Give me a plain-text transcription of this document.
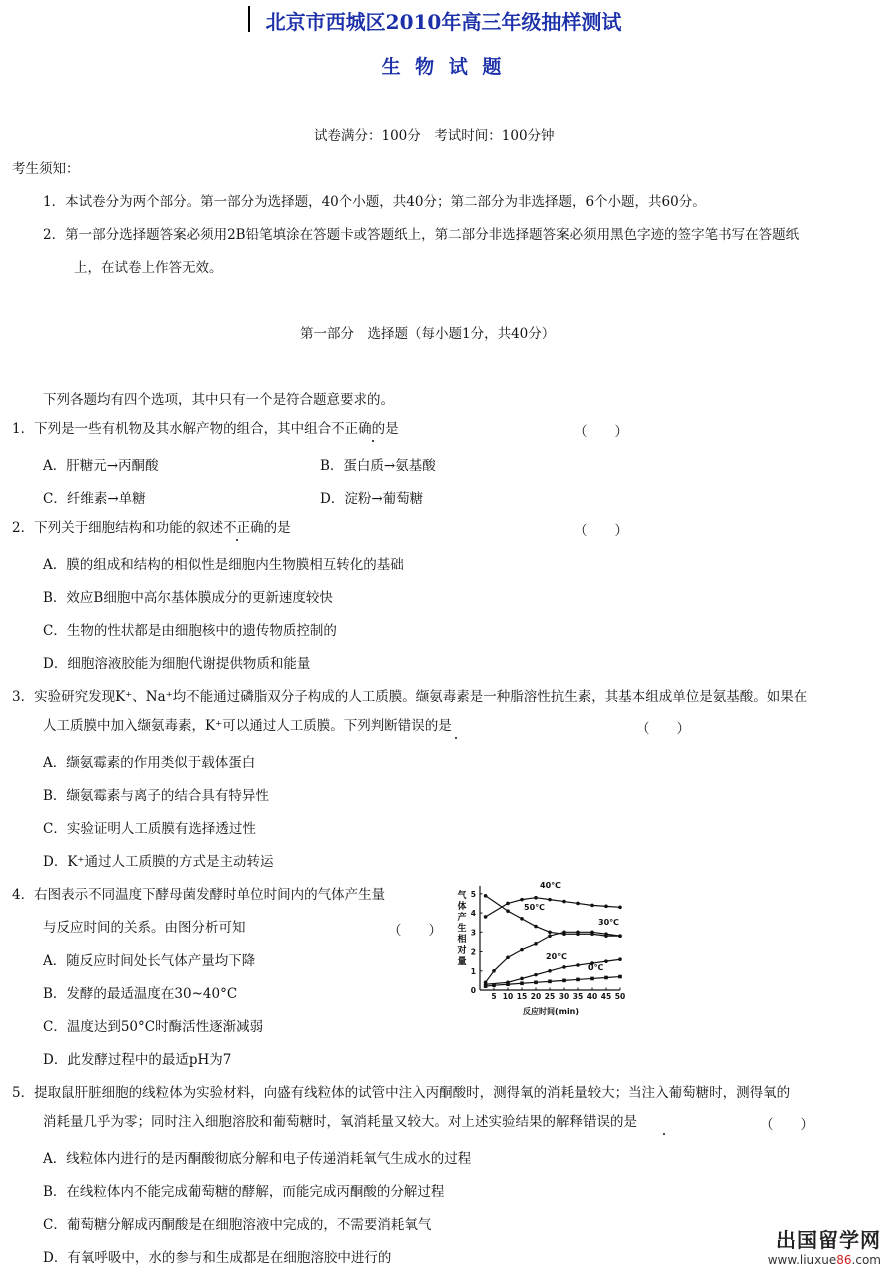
北京市西城区2010年高三年级抽样测试
生 物 试 题
试卷满分：100分　考试时间：100分钟
考生须知：
1．本试卷分为两个部分。第一部分为选择题，40个小题，共40分；第二部分为非选择题，6个小题，共60分。
2．第一部分选择题答案必须用2B铅笔填涂在答题卡或答题纸上，第二部分非选择题答案必须用黑色字迹的签字笔书写在答题纸
上，在试卷上作答无效。
第一部分　选择题（每小题1分，共40分）
下列各题均有四个选项，其中只有一个是符合题意要求的。
1．下列是一些有机物及其水解产物的组合，其中组合不正确的是	（　　）
A．肝糖元→丙酮酸	B．蛋白质→氨基酸
C．纤维素→单糖	D．淀粉→葡萄糖
2．下列关于细胞结构和功能的叙述不正确的是	（　　）
A．膜的组成和结构的相似性是细胞内生物膜相互转化的基础
B．效应B细胞中高尔基体膜成分的更新速度较快
C．生物的性状都是由细胞核中的遗传物质控制的
D．细胞溶液胶能为细胞代谢提供物质和能量
3．实验研究发现K⁺、Na⁺均不能通过磷脂双分子构成的人工质膜。缬氨毒素是一种脂溶性抗生素，其基本组成单位是氨基酸。如果在
人工质膜中加入缬氨毒素，K⁺可以通过人工质膜。下列判断错误的是	（　　）
A．缬氨霉素的作用类似于载体蛋白
B．缬氨霉素与离子的结合具有特异性
C．实验证明人工质膜有选择透过性
D．K⁺通过人工质膜的方式是主动转运
4．右图表示不同温度下酵母菌发酵时单位时间内的气体产生量
与反应时间的关系。由图分析可知	（　　）
A．随反应时间处长气体产量均下降
B．发酵的最适温度在30~40°C
C．温度达到50°C时酶活性逐渐减弱
D．此发酵过程中的最适pH为7
气
体
产
生
相
对
量
5 10 15 20 25 30 35 40 45 50
0
1
2
3
4
5
40℃
50℃
30℃
20℃
0℃
反应时间(min)
5．提取鼠肝脏细胞的线粒体为实验材料，向盛有线粒体的试管中注入丙酮酸时，测得氧的消耗量较大；当注入葡萄糖时，测得氧的
消耗量几乎为零；同时注入细胞溶胶和葡萄糖时，氧消耗量又较大。对上述实验结果的解释错误的是	（　　）
A．线粒体内进行的是丙酮酸彻底分解和电子传递消耗氧气生成水的过程
B．在线粒体内不能完成葡萄糖的酵解，而能完成丙酮酸的分解过程
C．葡萄糖分解成丙酮酸是在细胞溶液中完成的，不需要消耗氧气
D．有氧呼吸中，水的参与和生成都是在细胞溶胶中进行的
出国留学网
www.liuxue86.com
